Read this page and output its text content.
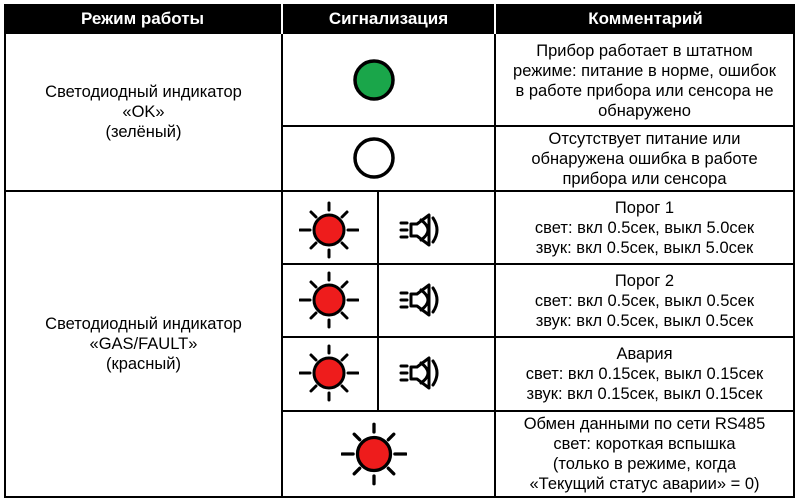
Режим работы	Сигнализация	Комментарий
Светодиодный индикатор
«OK»
(зелёный)
Светодиодный индикатор
«GAS/FAULT»
(красный)
Прибор работает в штатном
режиме: питание в норме, ошибок
в работе прибора или сенсора не
обнаружено
Отсутствует питание или
обнаружена ошибка в работе
прибора или сенсора
Порог 1
свет: вкл 0.5сек, выкл 5.0сек
звук: вкл 0.5сек, выкл 5.0сек
Порог 2
свет: вкл 0.5сек, выкл 0.5сек
звук: вкл 0.5сек, выкл 0.5сек
Авария
свет: вкл 0.15сек, выкл 0.15сек
звук: вкл 0.15сек, выкл 0.15сек
Обмен данными по сети RS485
свет: короткая вспышка
(только в режиме, когда
«Текущий статус аварии» = 0)
